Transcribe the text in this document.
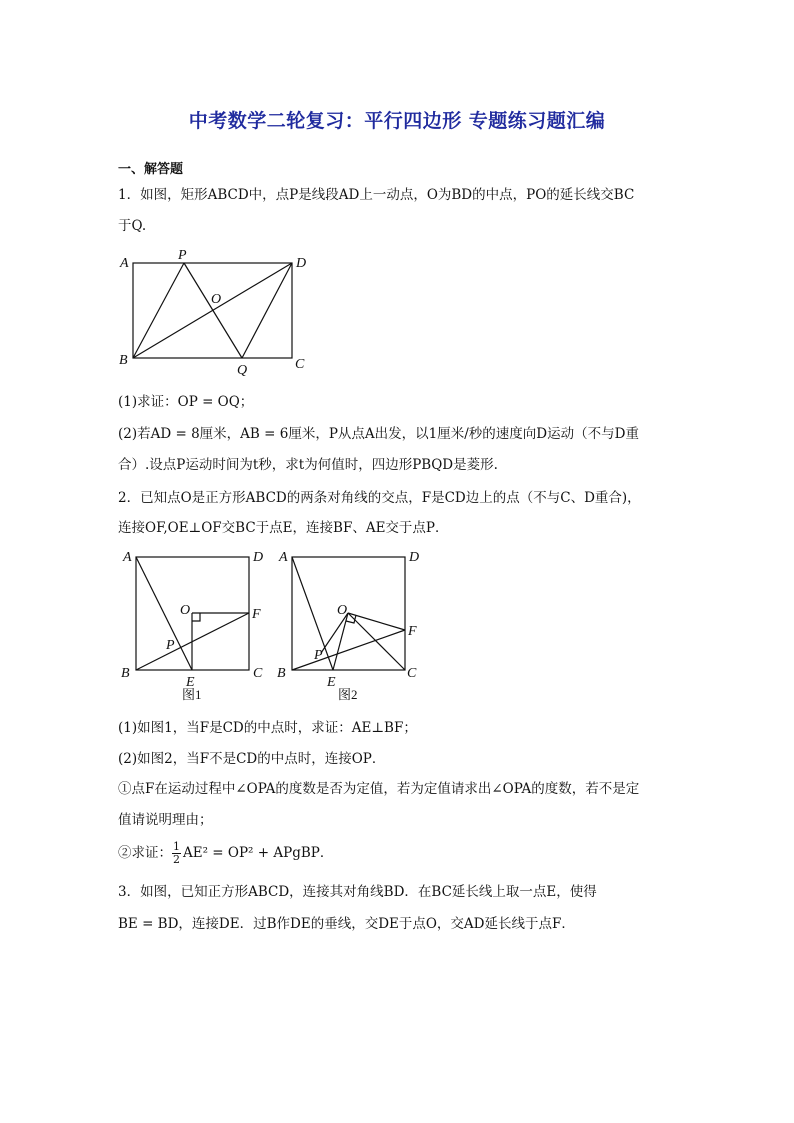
中考数学二轮复习：平行四边形 专题练习题汇编
一、解答题
1．如图，矩形ABCD中，点P是线段AD上一动点，O为BD的中点，PO的延长线交BC
于Q.
A
P
D
O
B
Q	C
(1)求证：OP = OQ；
(2)若AD = 8厘米，AB = 6厘米，P从点A出发，以1厘米/秒的速度向D运动（不与D重
合）.设点P运动时间为t秒，求t为何值时，四边形PBQD是菱形.
2．已知点O是正方形ABCD的两条对角线的交点，F是CD边上的点（不与C、D重合)，
连接OF,OE⊥OF交BC于点E，连接BF、AE交于点P．
A	D
O	F
P
B
E
C
图1
A	D
O
F
P
B
E
C
图2
(1)如图1，当F是CD的中点时，求证：AE⊥BF；
(2)如图2，当F不是CD的中点时，连接OP．
①点F在运动过程中∠OPA的度数是否为定值，若为定值请求出∠OPA的度数，若不是定
值请说明理由；
②求证： $\frac{1}{2} AE^2 = OP^2$ + APgBP．
3．如图，已知正方形ABCD，连接其对角线BD．在BC延长线上取一点E，使得
BE = BD，连接DE．过B作DE的垂线，交DE于点O，交AD延长线于点F．
